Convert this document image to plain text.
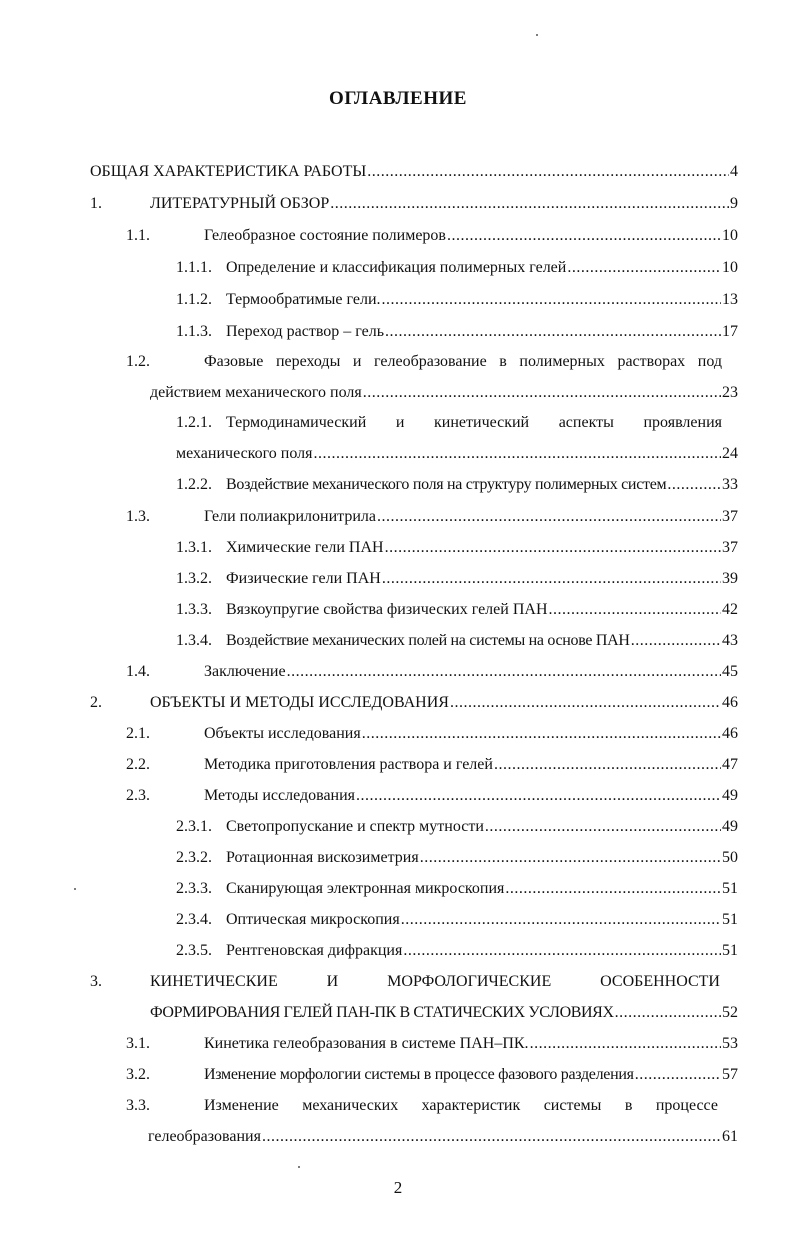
ОГЛАВЛЕНИЕ
ОБЩАЯ ХАРАКТЕРИСТИКА РАБОТЫ .....	4
1.	ЛИТЕРАТУРНЫЙ ОБЗОР .....	9
1.1.	Гелеобразное состояние полимеров .....	10
1.1.1. Определение и классификация полимерных гелей .....	10
1.1.2. Термообратимые гели. .....	13
1.1.3. Переход раствор – гель .....	17
1.2.	Фазовые переходы и гелеобразование в полимерных растворах под
действием механического поля .....	23
1.2.1. Термодинамический и кинетический аспекты проявления
механического поля .....	24
1.2.2. Воздействие механического поля на структуру полимерных систем .....	33
1.3.	Гели полиакрилонитрила .....	37
1.3.1. Химические гели ПАН .....	37
1.3.2. Физические гели ПАН .....	39
1.3.3. Вязкоупругие свойства физических гелей ПАН .....	42
1.3.4. Воздействие механических полей на системы на основе ПАН .....	43
1.4.	Заключение .....	45
2.	ОБЪЕКТЫ И МЕТОДЫ ИССЛЕДОВАНИЯ .....	46
2.1.	Объекты исследования .....	46
2.2.	Методика приготовления раствора и гелей .....	47
2.3.	Методы исследования .....	49
2.3.1. Светопропускание и спектр мутности .....	49
2.3.2. Ротационная вискозиметрия .....	50
2.3.3. Сканирующая электронная микроскопия .....	51
2.3.4. Оптическая микроскопия .....	51
2.3.5. Рентгеновская дифракция .....	51
3.	КИНЕТИЧЕСКИЕ	И	МОРФОЛОГИЧЕСКИЕ	ОСОБЕННОСТИ
ФОРМИРОВАНИЯ ГЕЛЕЙ ПАН-ПК В СТАТИЧЕСКИХ УСЛОВИЯХ .....	52
3.1.	Кинетика гелеобразования в системе ПАН–ПК. .....	53
3.2.	Изменение морфологии системы в процессе фазового разделения .....	57
3.3.	Изменение механических характеристик системы в процессе
гелеобразования .....	61
2
